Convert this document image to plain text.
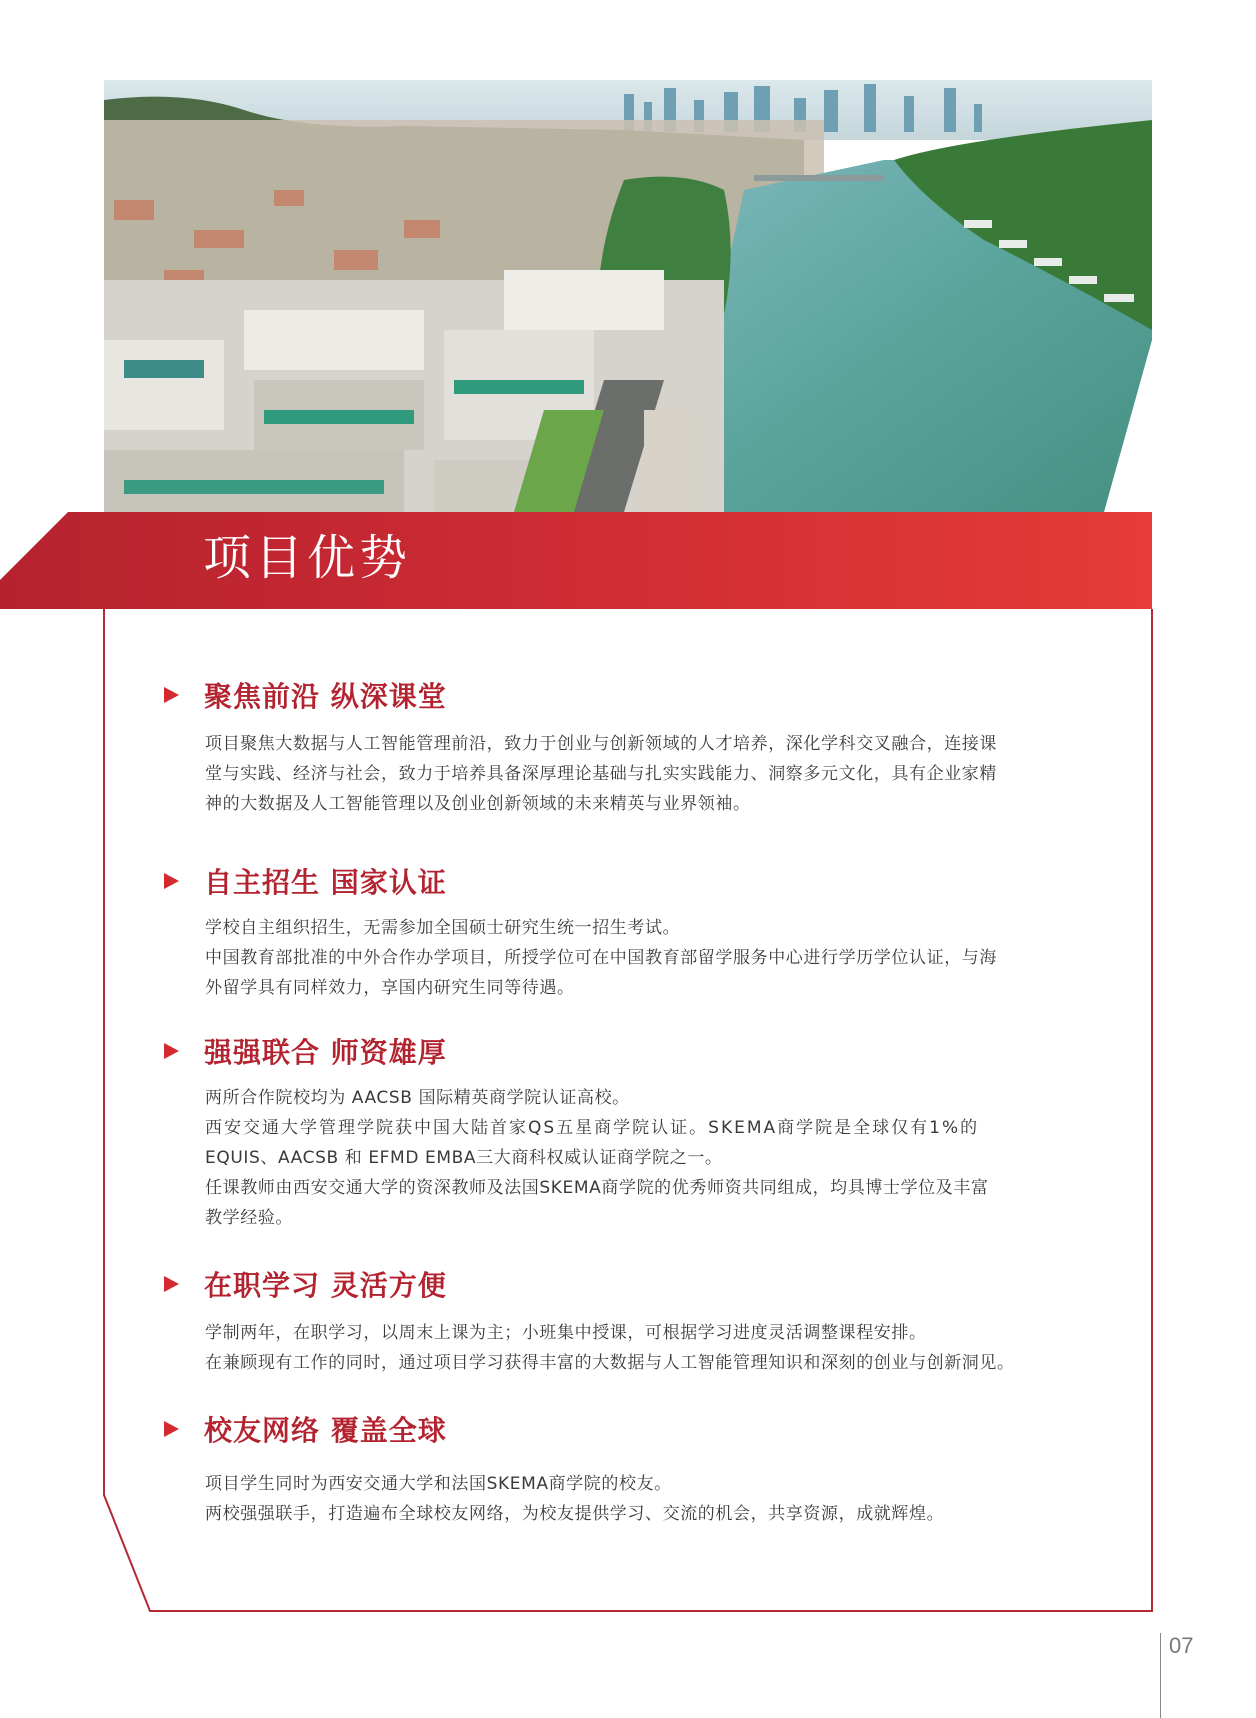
项目优势
聚焦前沿 纵深课堂
项目聚焦大数据与人工智能管理前沿，致力于创业与创新领域的人才培养，深化学科交叉融合，连接课
堂与实践、经济与社会，致力于培养具备深厚理论基础与扎实实践能力、洞察多元文化，具有企业家精
神的大数据及人工智能管理以及创业创新领域的未来精英与业界领袖。
自主招生 国家认证
学校自主组织招生，无需参加全国硕士研究生统一招生考试。
中国教育部批准的中外合作办学项目，所授学位可在中国教育部留学服务中心进行学历学位认证，与海
外留学具有同样效力，享国内研究生同等待遇。
强强联合 师资雄厚
两所合作院校均为 AACSB 国际精英商学院认证高校。
西安交通大学管理学院获中国大陆首家QS五星商学院认证。SKEMA商学院是全球仅有1%的
EQUIS、AACSB 和 EFMD EMBA三大商科权威认证商学院之一。
任课教师由西安交通大学的资深教师及法国SKEMA商学院的优秀师资共同组成，均具博士学位及丰富
教学经验。
在职学习 灵活方便
学制两年，在职学习，以周末上课为主；小班集中授课，可根据学习进度灵活调整课程安排。
在兼顾现有工作的同时，通过项目学习获得丰富的大数据与人工智能管理知识和深刻的创业与创新洞见。
校友网络 覆盖全球
项目学生同时为西安交通大学和法国SKEMA商学院的校友。
两校强强联手，打造遍布全球校友网络，为校友提供学习、交流的机会，共享资源，成就辉煌。
07
